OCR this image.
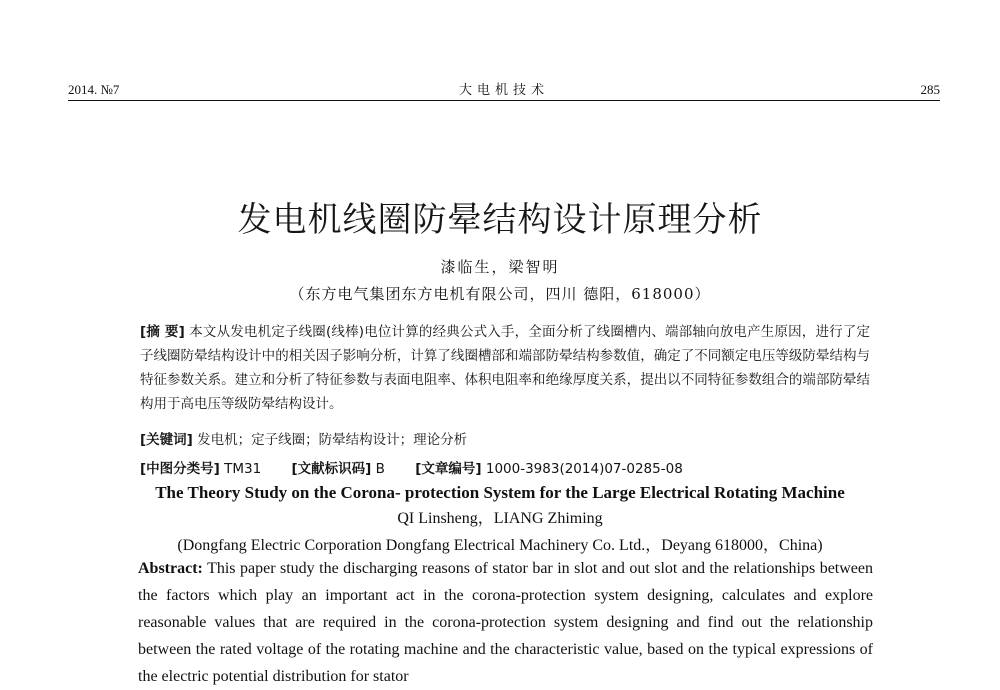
2014. №7	大电机技术	285
发电机线圈防晕结构设计原理分析
漆临生，梁智明
（东方电气集团东方电机有限公司，四川 德阳，618000）
[摘 要] 本文从发电机定子线圈(线棒)电位计算的经典公式入手，全面分析了线圈槽内、端部轴向放电产生原因，进行了定子线圈防晕结构设计中的相关因子影响分析，计算了线圈槽部和端部防晕结构参数值，确定了不同额定电压等级防晕结构与特征参数关系。建立和分析了特征参数与表面电阻率、体积电阻率和绝缘厚度关系，提出以不同特征参数组合的端部防晕结构用于高电压等级防晕结构设计。
[关键词] 发电机；定子线圈；防晕结构设计；理论分析
[中图分类号] TM31 [文献标识码] B [文章编号] 1000-3983(2014)07-0285-08
The Theory Study on the Corona- protection System for the Large Electrical Rotating Machine
QI Linsheng，LIANG Zhiming
(Dongfang Electric Corporation Dongfang Electrical Machinery Co. Ltd.，Deyang 618000，China)
Abstract: This paper study the discharging reasons of stator bar in slot and out slot and the relationships between the factors which play an important act in the corona-protection system designing, calculates and explore reasonable values that are required in the corona-protection system designing and find out the relationship between the rated voltage of the rotating machine and the characteristic value, based on the typical expressions of the electric potential distribution for stator
